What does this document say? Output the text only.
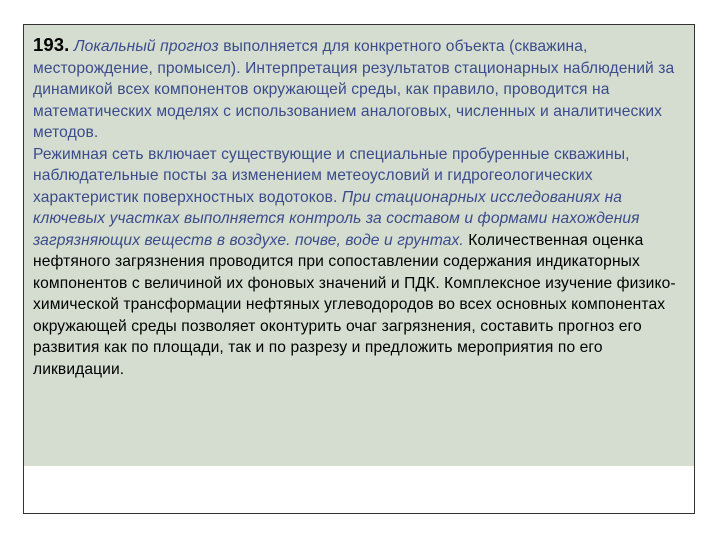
193. Локальный прогноз выполняется для конкретного объекта (скважина, месторождение, промысел). Интерпретация результатов стационарных наблюдений за динамикой всех компонентов окружающей среды, как правило, проводится на математических моделях с использованием аналоговых, численных и аналитических методов.
Режимная сеть включает существующие и специальные пробуренные скважины, наблюдательные посты за изменением метеоусловий и гидрогеологических характеристик поверхностных водотоков. При стационарных исследованиях на ключевых участках выполняется контроль за составом и формами нахождения загрязняющих веществ в воздухе. почве, воде и грунтах. Количественная оценка нефтяного загрязнения проводится при сопоставлении содержания индикаторных компонентов с величиной их фоновых значений и ПДК. Комплексное изучение физико-химической трансформации нефтяных углеводородов во всех основных компонентах окружающей среды позволяет оконтурить очаг загрязнения, составить прогноз его развития как по площади, так и по разрезу и предложить мероприятия по его ликвидации.
